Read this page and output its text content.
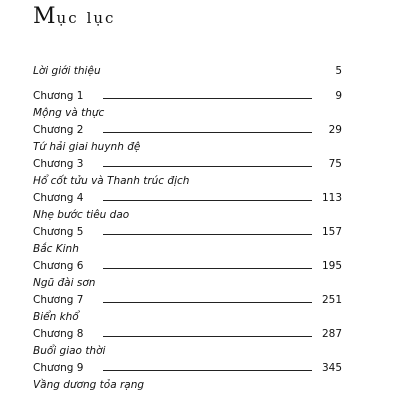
Mục lục
Lời giới thiệu	5
Chương 1	9
Mộng và thực
Chương 2	29
Tứ hải giai huynh đệ
Chương 3	75
Hổ cốt tửu và Thanh trúc địch
Chương 4	113
Nhẹ bước tiêu dao
Chương 5	157
Bắc Kinh
Chương 6	195
Ngũ đài sơn
Chương 7	251
Biển khổ
Chương 8	287
Buổi giao thời
Chương 9	345
Vầng dương tỏa rạng
